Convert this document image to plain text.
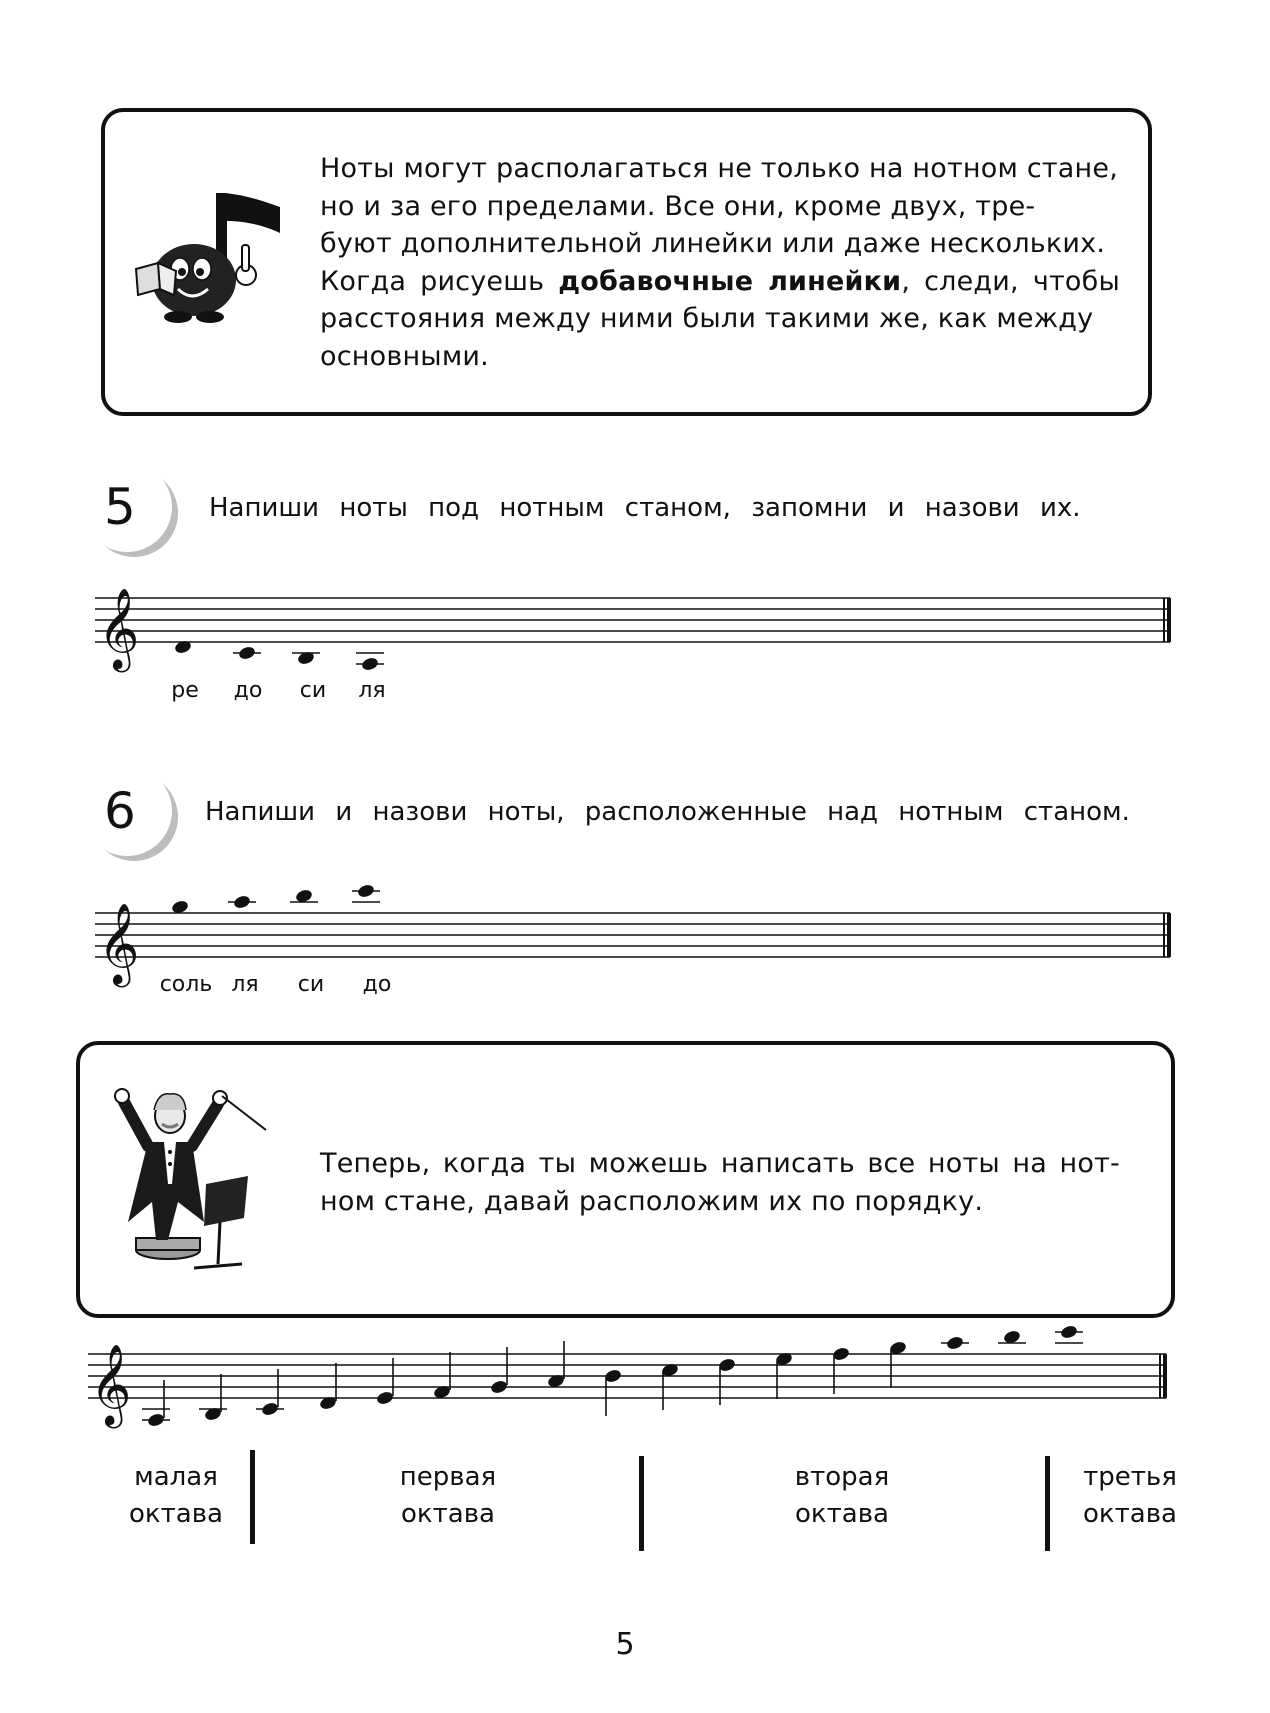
Ноты могут располагаться не только на нотном стане,
но и за его пределами. Все они, кроме двух, тре-
буют дополнительной линейки или даже нескольких.
Когда рисуешь добавочные линейки, следи, чтобы
расстояния между ними были такими же, как между
основными.
5	Напиши ноты под нотным станом, запомни и назови их.
𝄞
𝄞
𝄞
ре	до	си	ля
6	Напиши и назови ноты, расположенные над нотным станом.
соль ля	си	до
Теперь, когда ты можешь написать все ноты на нот-
ном стане, давай расположим их по порядку.
малая
октава
первая
октава
вторая
октава
третья
октава
5
